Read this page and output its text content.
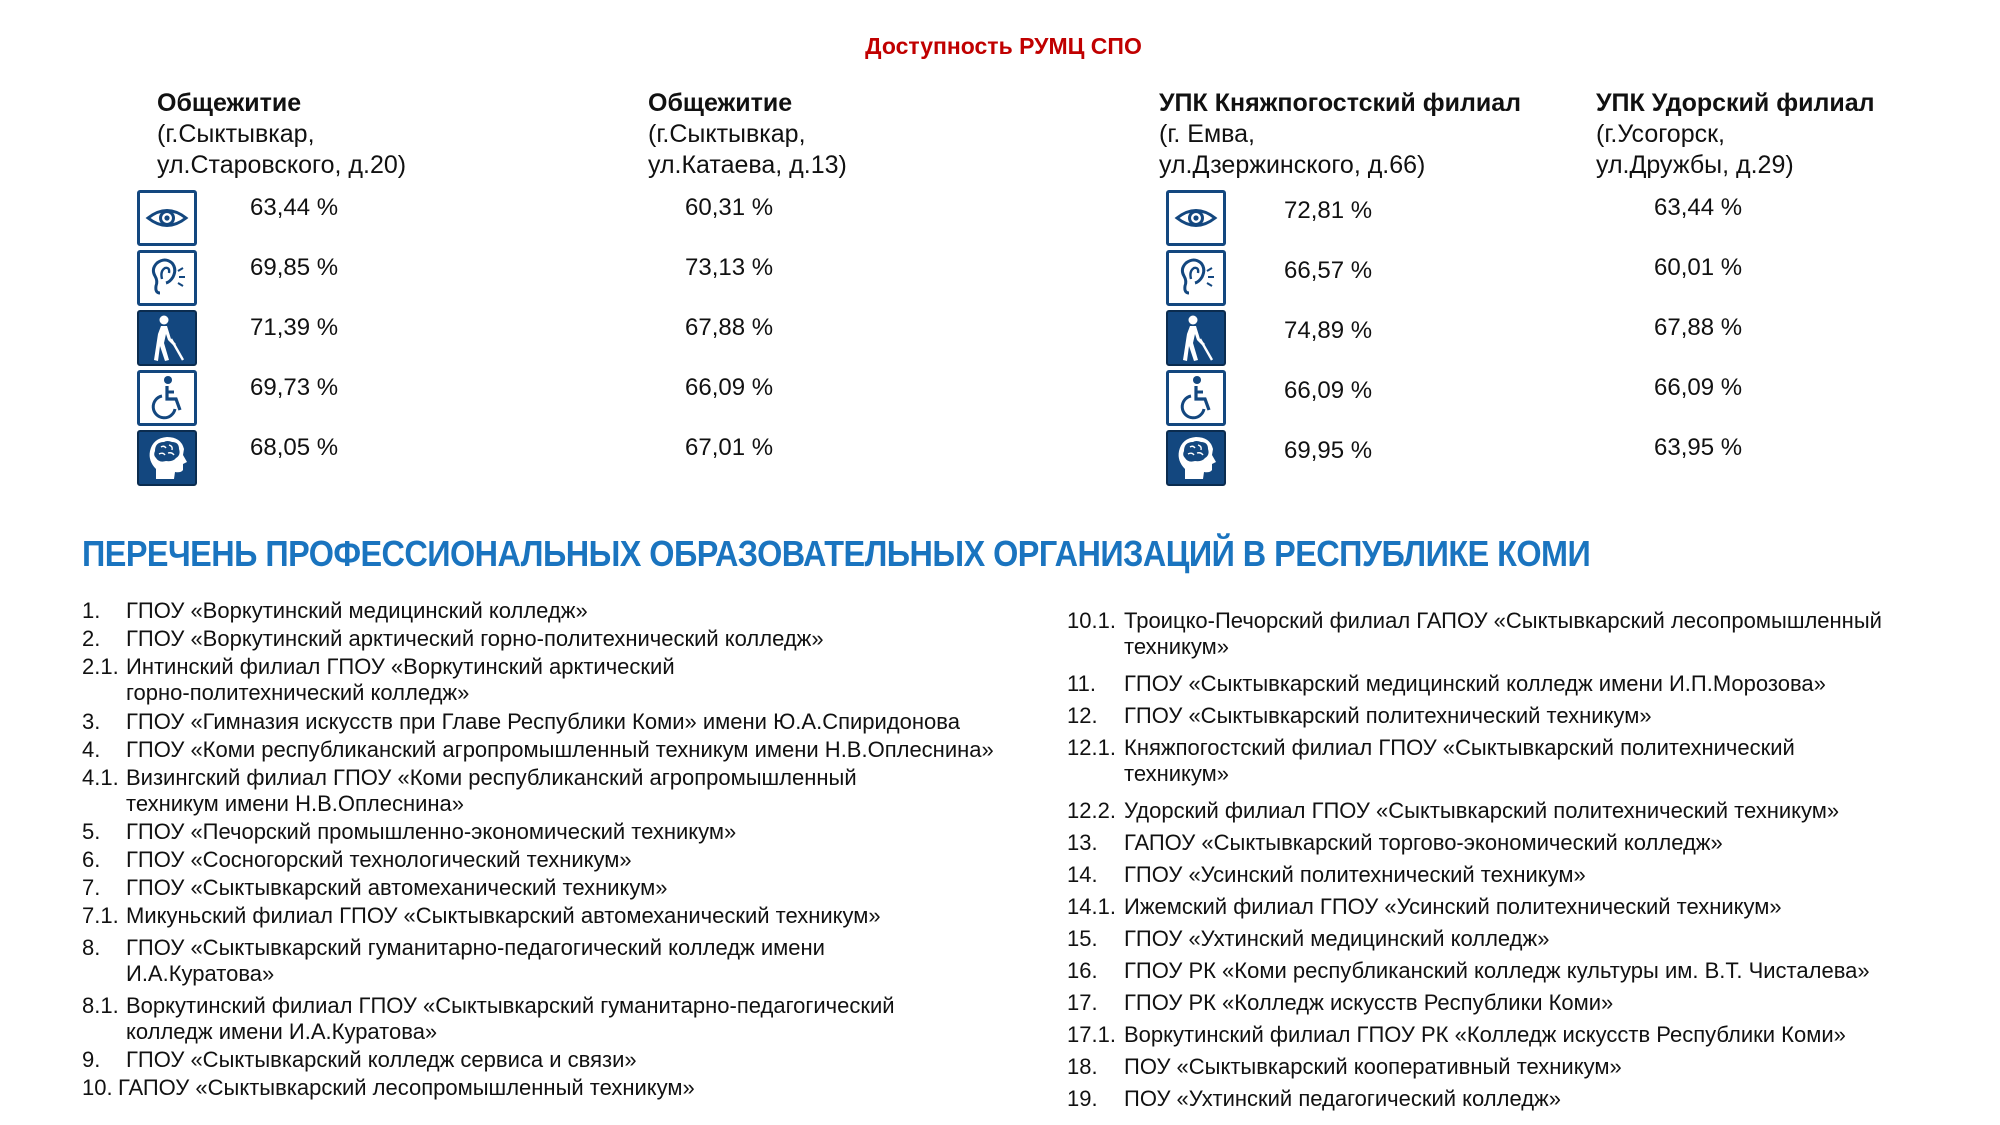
Доступность РУМЦ СПО
Общежитие
(г.Сыктывкар,
ул.Старовского, д.20)
63,44 %
69,85 %
71,39 %
69,73 %
68,05 %
Общежитие
(г.Сыктывкар,
ул.Катаева, д.13)
60,31 %
73,13 %
67,88 %
66,09 %
67,01 %
УПК Княжпогостский филиал
(г. Емва,
ул.Дзержинского, д.66)
72,81 %
66,57 %
74,89 %
66,09 %
69,95 %
УПК Удорский филиал
(г.Усогорск,
ул.Дружбы, д.29)
63,44 %
60,01 %
67,88 %
66,09 %
63,95 %
ПЕРЕЧЕНЬ ПРОФЕССИОНАЛЬНЫХ ОБРАЗОВАТЕЛЬНЫХ ОРГАНИЗАЦИЙ В РЕСПУБЛИКЕ КОМИ
1. ГПОУ «Воркутинский медицинский колледж»
2. ГПОУ «Воркутинский арктический горно-политехнический колледж»
2.1. Интинский филиал ГПОУ «Воркутинский арктический
горно-политехнический колледж»
3. ГПОУ «Гимназия искусств при Главе Республики Коми» имени Ю.А.Спиридонова
4. ГПОУ «Коми республиканский агропромышленный техникум имени Н.В.Оплеснина»
4.1. Визингский филиал ГПОУ «Коми республиканский агропромышленный
техникум имени Н.В.Оплеснина»
5. ГПОУ «Печорский промышленно-экономический техникум»
6. ГПОУ «Сосногорский технологический техникум»
7. ГПОУ «Сыктывкарский автомеханический техникум»
7.1. Микуньский филиал ГПОУ «Сыктывкарский автомеханический техникум»
8. ГПОУ «Сыктывкарский гуманитарно-педагогический колледж имени
И.А.Куратова»
8.1. Воркутинский филиал ГПОУ «Сыктывкарский гуманитарно-педагогический
колледж имени И.А.Куратова»
9. ГПОУ «Сыктывкарский колледж сервиса и связи»
10. ГАПОУ «Сыктывкарский лесопромышленный техникум»
10.1. Троицко-Печорский филиал ГАПОУ «Сыктывкарский лесопромышленный
техникум»
11. ГПОУ «Сыктывкарский медицинский колледж имени И.П.Морозова»
12. ГПОУ «Сыктывкарский политехнический техникум»
12.1. Княжпогостский филиал ГПОУ «Сыктывкарский политехнический
техникум»
12.2. Удорский филиал ГПОУ «Сыктывкарский политехнический техникум»
13. ГАПОУ «Сыктывкарский торгово-экономический колледж»
14. ГПОУ «Усинский политехнический техникум»
14.1. Ижемский филиал ГПОУ «Усинский политехнический техникум»
15. ГПОУ «Ухтинский медицинский колледж»
16. ГПОУ РК «Коми республиканский колледж культуры им. В.Т. Чисталева»
17. ГПОУ РК «Колледж искусств Республики Коми»
17.1. Воркутинский филиал ГПОУ РК «Колледж искусств Республики Коми»
18. ПОУ «Сыктывкарский кооперативный техникум»
19. ПОУ «Ухтинский педагогический колледж»
